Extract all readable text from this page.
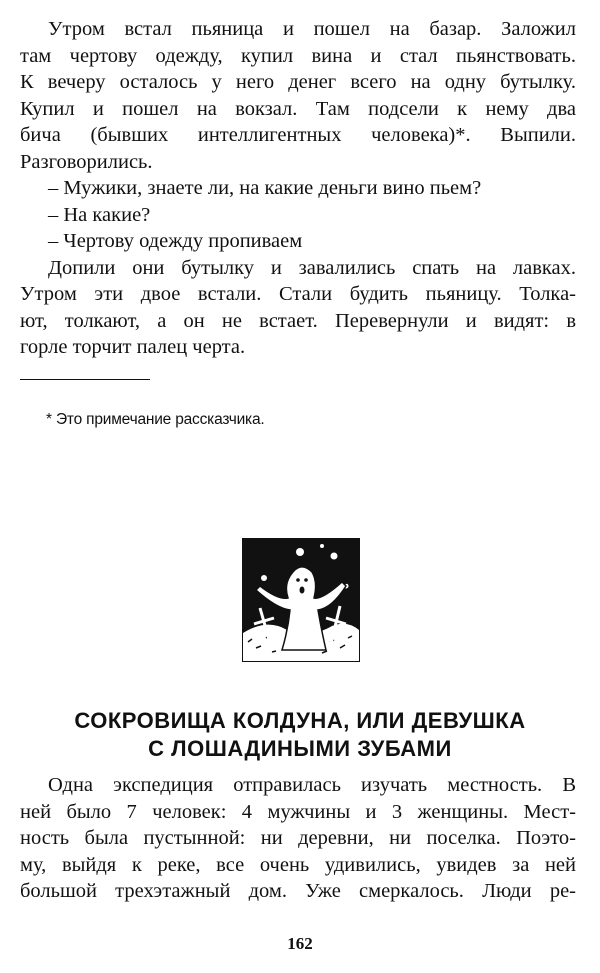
Утром встал пьяница и пошел на базар. Заложил
там чертову одежду, купил вина и стал пьянствовать.
К вечеру осталось у него денег всего на одну бутылку.
Купил и пошел на вокзал. Там подсели к нему два
бича (бывших интеллигентных человека)*. Выпили.
Разговорились.
– Мужики, знаете ли, на какие деньги вино пьем?
– На какие?
– Чертову одежду пропиваем
Допили они бутылку и завалились спать на лавках.
Утром эти двое встали. Стали будить пьяницу. Толка-
ют, толкают, а он не встает. Перевернули и видят: в
горле торчит палец черта.
* Это примечание рассказчика.
СОКРОВИЩА КОЛДУНА, ИЛИ ДЕВУШКА
С ЛОШАДИНЫМИ ЗУБАМИ
Одна экспедиция отправилась изучать местность. В
ней было 7 человек: 4 мужчины и 3 женщины. Мест-
ность была пустынной: ни деревни, ни поселка. Поэто-
му, выйдя к реке, все очень удивились, увидев за ней
большой трехэтажный дом. Уже смеркалось. Люди ре-
162
